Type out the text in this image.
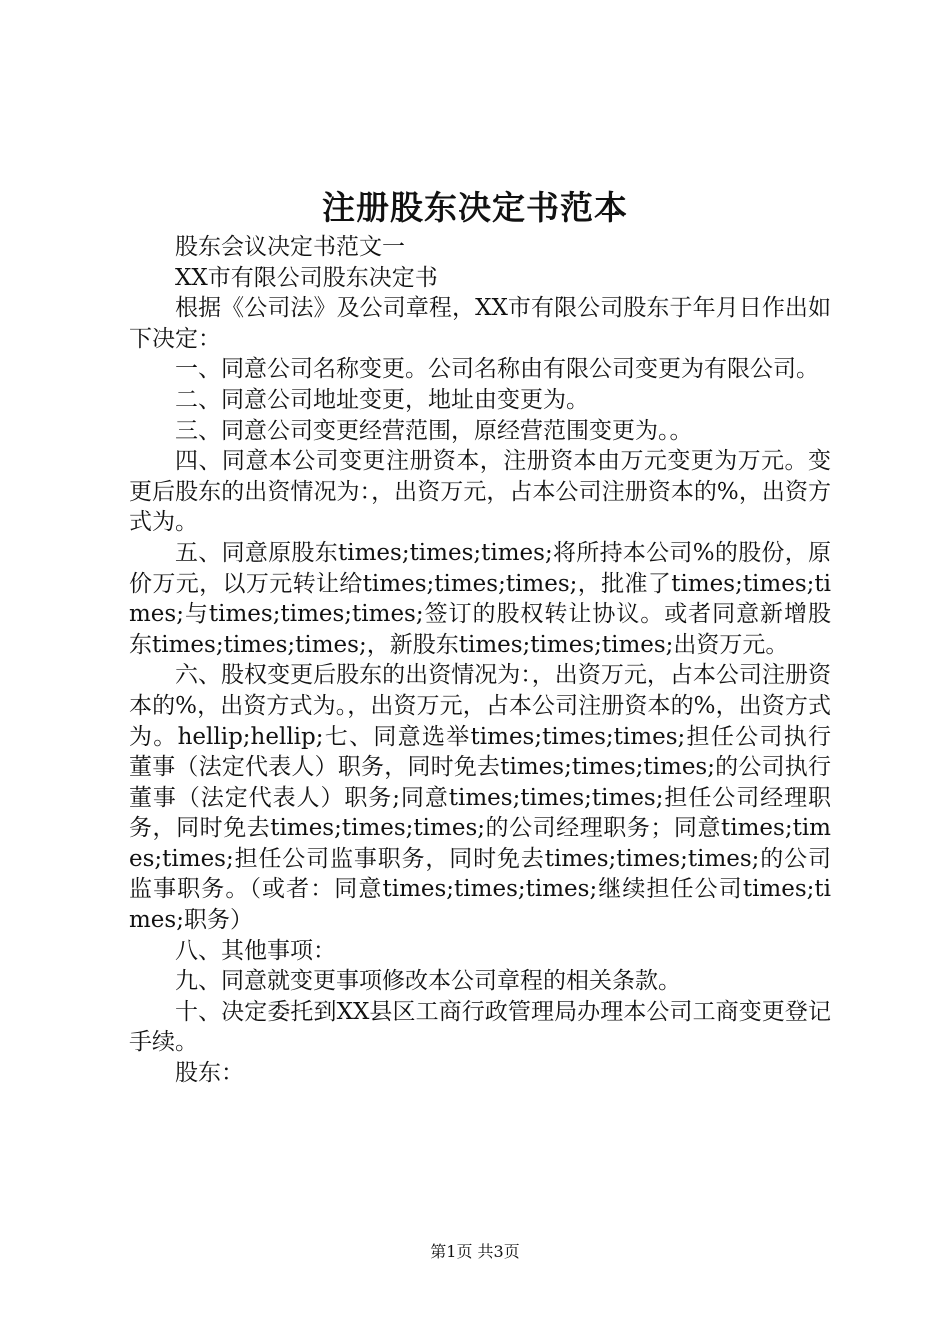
注册股东决定书范本

股东会议决定书范文一

XX市有限公司股东决定书

根据《公司法》及公司章程，XX市有限公司股东于年月日作出如下决定：

一、同意公司名称变更。公司名称由有限公司变更为有限公司。

二、同意公司地址变更，地址由变更为。

三、同意公司变更经营范围，原经营范围变更为。。

四、同意本公司变更注册资本，注册资本由万元变更为万元。变更后股东的出资情况为：，出资万元，占本公司注册资本的%，出资方式为。

五、同意原股东times;times;times;将所持本公司%的股份，原价万元，以万元转让给times;times;times;，批准了times;times;times;与times;times;times;签订的股权转让协议。或者同意新增股东times;times;times;，新股东times;times;times;出资万元。

六、股权变更后股东的出资情况为：，出资万元，占本公司注册资本的%，出资方式为。，出资万元，占本公司注册资本的%，出资方式为。hellip;hellip;七、同意选举times;times;times;担任公司执行董事（法定代表人）职务，同时免去times;times;times;的公司执行董事（法定代表人）职务;同意times;times;times;担任公司经理职务，同时免去times;times;times;的公司经理职务；同意times;times;times;担任公司监事职务，同时免去times;times;times;的公司监事职务。（或者：同意times;times;times;继续担任公司times;times;职务）

八、其他事项：

九、同意就变更事项修改本公司章程的相关条款。

十、决定委托到XX县区工商行政管理局办理本公司工商变更登记手续。

股东：

第1页 共3页
